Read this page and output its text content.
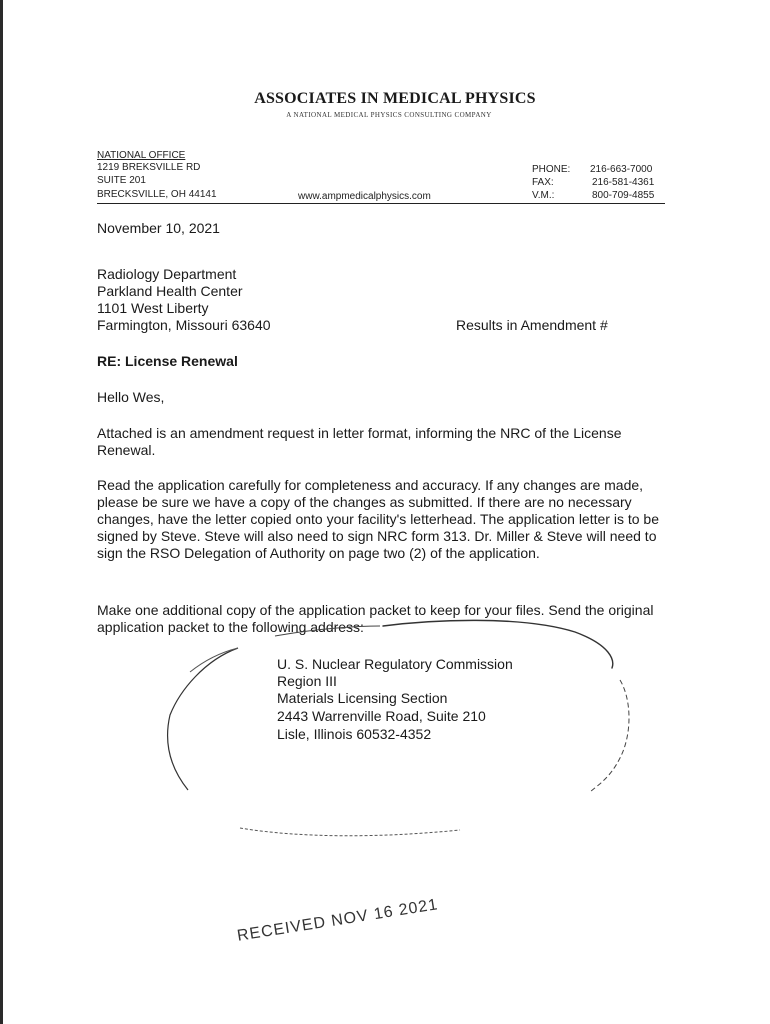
ASSOCIATES IN MEDICAL PHYSICS
A NATIONAL MEDICAL PHYSICS CONSULTING COMPANY
NATIONAL OFFICE
1219 BREKSVILLE RD
SUITE 201
BRECKSVILLE, OH 44141	www.ampmedicalphysics.com
PHONE: 216-663-7000
FAX:	216-581-4361
V.M.:	800-709-4855
November 10, 2021
Radiology Department
Parkland Health Center
1101 West Liberty
Farmington, Missouri 63640	Results in Amendment #
RE: License Renewal
Hello Wes,
Attached is an amendment request in letter format, informing the NRC of the License Renewal.
Read the application carefully for completeness and accuracy. If any changes are made, please be sure we have a copy of the changes as submitted. If there are no necessary changes, have the letter copied onto your facility's letterhead. The application letter is to be signed by Steve. Steve will also need to sign NRC form 313. Dr. Miller & Steve will need to sign the RSO Delegation of Authority on page two (2) of the application.
Make one additional copy of the application packet to keep for your files. Send the original application packet to the following address:
U. S. Nuclear Regulatory Commission
Region III
Materials Licensing Section
2443 Warrenville Road, Suite 210
Lisle, Illinois 60532-4352
RECEIVED NOV 16 2021
